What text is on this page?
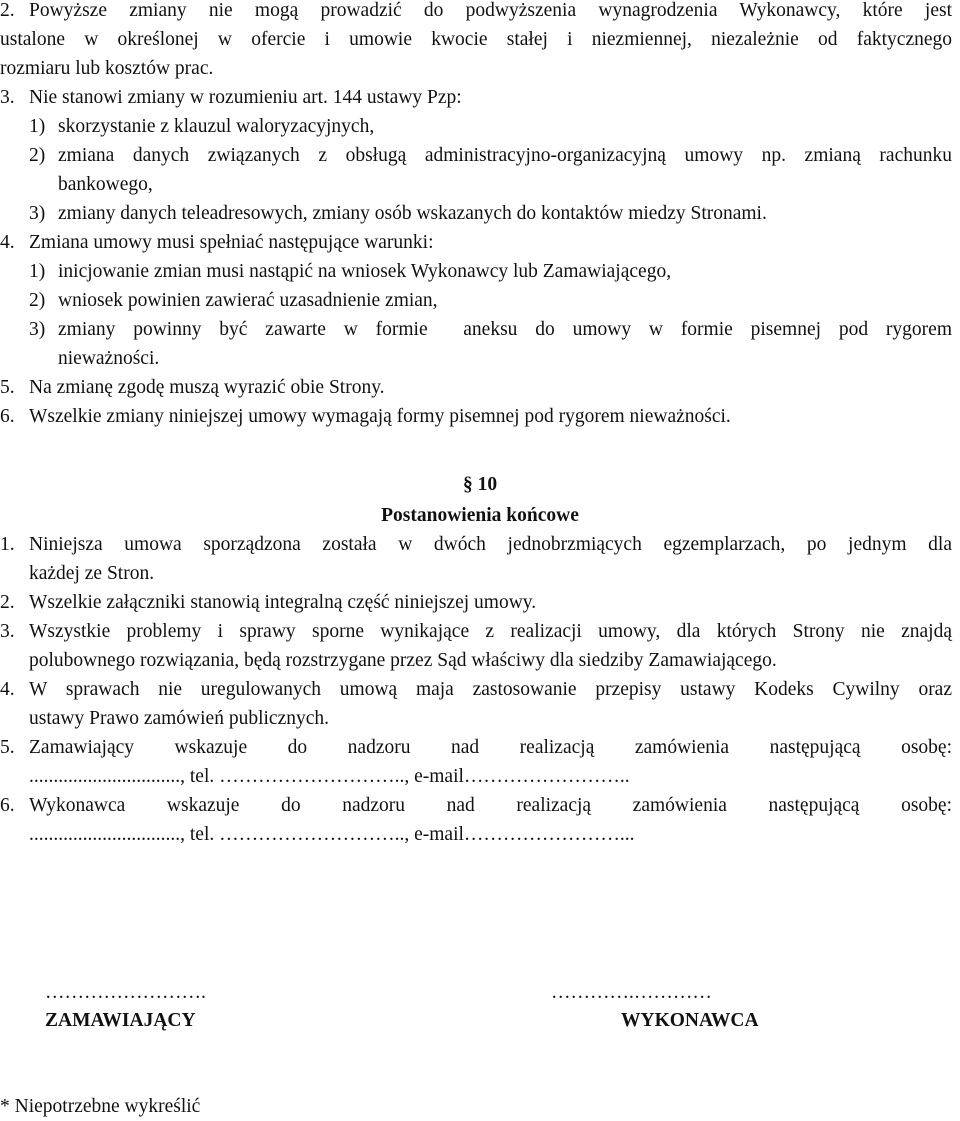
2. Powyższe zmiany nie mogą prowadzić do podwyższenia wynagrodzenia Wykonawcy, które jest
ustalone w określonej w ofercie i umowie kwocie stałej i niezmiennej, niezależnie od faktycznego
rozmiaru lub kosztów prac.
3. Nie stanowi zmiany w rozumieniu art. 144 ustawy Pzp:
1) skorzystanie z klauzul waloryzacyjnych,
2) zmiana danych związanych z obsługą administracyjno-organizacyjną umowy np. zmianą rachunku
bankowego,
3) zmiany danych teleadresowych, zmiany osób wskazanych do kontaktów miedzy Stronami.
4. Zmiana umowy musi spełniać następujące warunki:
1) inicjowanie zmian musi nastąpić na wniosek Wykonawcy lub Zamawiającego,
2) wniosek powinien zawierać uzasadnienie zmian,
3) zmiany powinny być zawarte w formie  aneksu do umowy w formie pisemnej pod rygorem
nieważności.
5. Na zmianę zgodę muszą wyrazić obie Strony.
6. Wszelkie zmiany niniejszej umowy wymagają formy pisemnej pod rygorem nieważności.
§ 10
Postanowienia końcowe
1. Niniejsza umowa sporządzona została w dwóch jednobrzmiących egzemplarzach, po jednym dla
każdej ze Stron.
2. Wszelkie załączniki stanowią integralną część niniejszej umowy.
3. Wszystkie problemy i sprawy sporne wynikające z realizacji umowy, dla których Strony nie znajdą
polubownego rozwiązania, będą rozstrzygane przez Sąd właściwy dla siedziby Zamawiającego.
4. W sprawach nie uregulowanych umową maja zastosowanie przepisy ustawy Kodeks Cywilny oraz
ustawy Prawo zamówień publicznych.
5. Zamawiający wskazuje do nadzoru nad realizacją zamówienia następującą osobę:
..............................., tel. ……………………….., e-mail……………………..
6. Wykonawca wskazuje do nadzoru nad realizacją zamówienia następującą osobę:
..............................., tel. ……………………….., e-mail……………………...
…………………….	………….…………
ZAMAWIAJĄCY	WYKONAWCA
* Niepotrzebne wykreślić
